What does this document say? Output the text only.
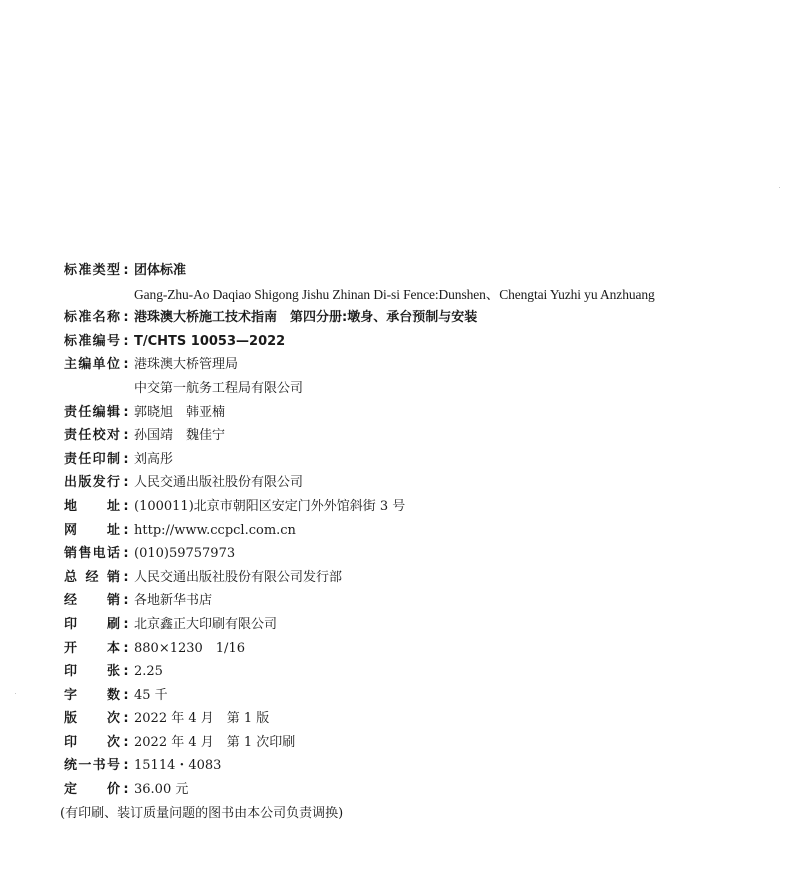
标 准 类 型 : 团体标准
Gang-Zhu-Ao Daqiao Shigong Jishu Zhinan Di-si Fence:Dunshen、Chengtai Yuzhi yu Anzhuang
标 准 名 称 : 港珠澳大桥施工技术指南　第四分册:墩身、承台预制与安装
标 准 编 号 : T/CHTS 10053—2022
主 编 单 位 : 港珠澳大桥管理局
中交第一航务工程局有限公司
责 任 编 辑 : 郭晓旭　韩亚楠
责 任 校 对 : 孙国靖　魏佳宁
责 任 印 制 : 刘高彤
出 版 发 行 : 人民交通出版社股份有限公司
地 址 : (100011)北京市朝阳区安定门外外馆斜街 3 号
网 址 : http://www.ccpcl.com.cn
销 售 电 话 : (010)59757973
总 经 销 : 人民交通出版社股份有限公司发行部
经 销 : 各地新华书店
印 刷 : 北京鑫正大印刷有限公司
开 本 : 880×1230　1/16
印 张 : 2.25
字 数 : 45 千
版 次 : 2022 年 4 月　第 1 版
印 次 : 2022 年 4 月　第 1 次印刷
统 一 书 号 : 15114・4083
定 价 : 36.00 元
(有印刷、装订质量问题的图书由本公司负责调换)
